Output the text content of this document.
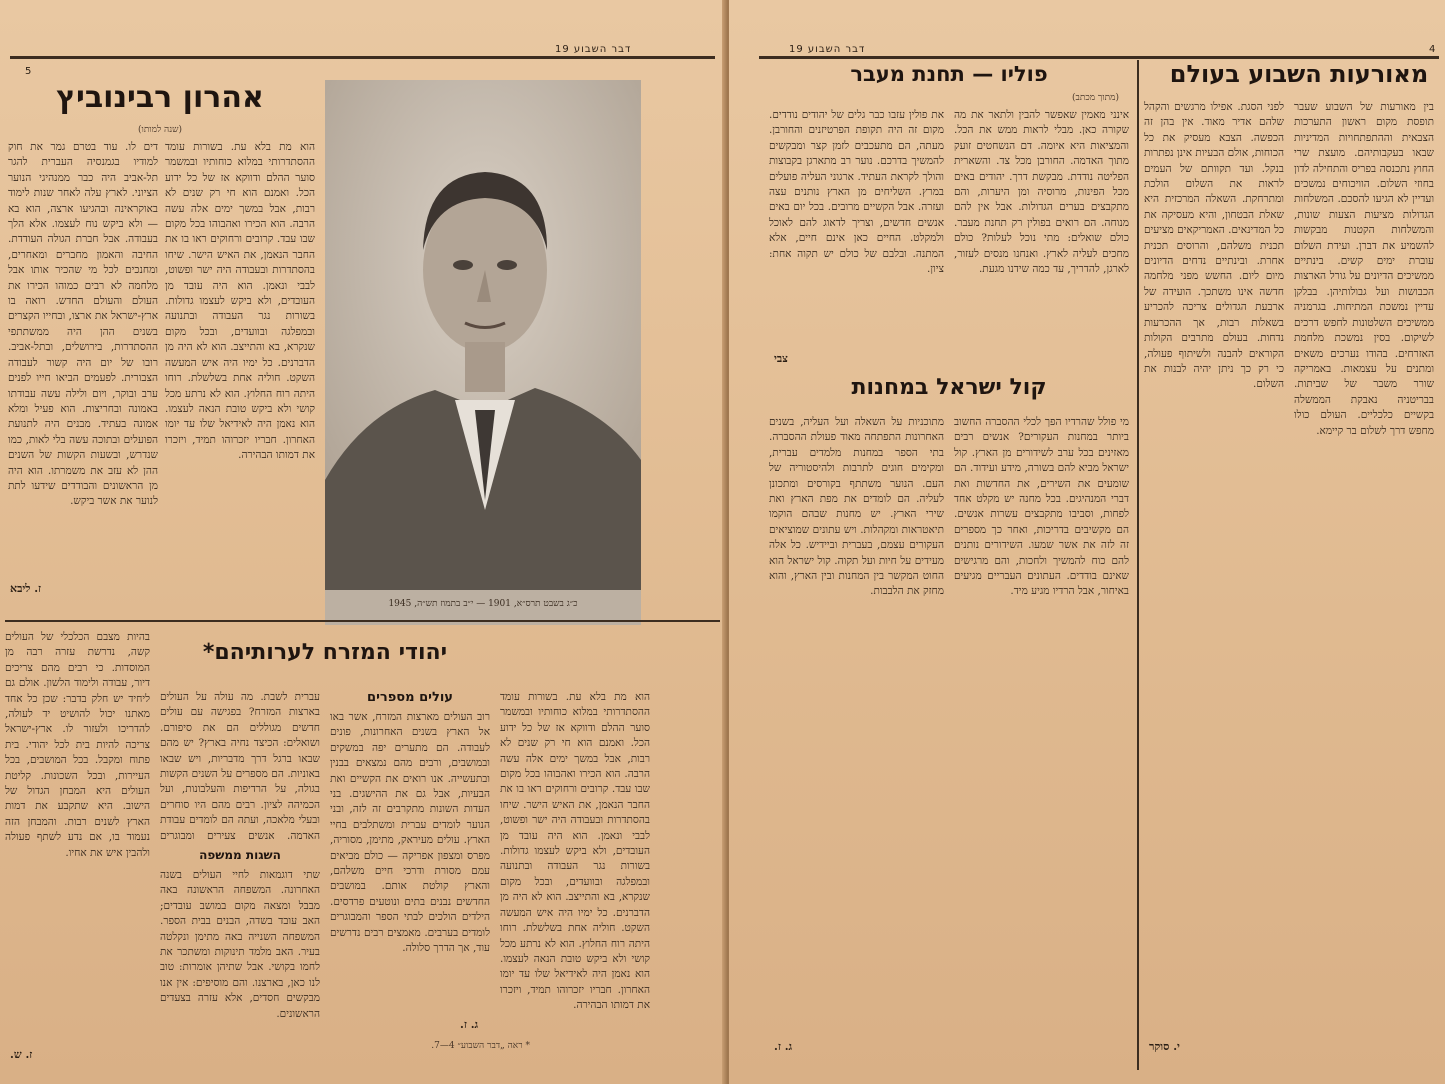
דבר השבוע 19
5
אהרון רבינוביץ
(שנה למותו)
דים לו. עוד בטרם גמר את חוק למודיו בגמנסיה העברית להגר תל-אביב היה כבר ממנהיגי הנוער הציוני. לארץ עלה לאחר שנות לימוד באוקראינה ובהגיעו ארצה, הוא בא — ולא ביקש נוח לעצמו. אלא הלך בעבודה. אבל חברת הגולה העודדת. החיבה והאמון מחברים ומאחרים, ומחנכים לכל מי שהכיר אותו אבל מלחמה לא רבים כמוהו הכירו את העולם והעולם החדש. רואה בו ארץ-ישראל את ארצו, ובחייו הקצרים בשנים ההן היה ממשתתפי ההסתדרות, בירושלים, ובתל-אביב. רובו של יום היה קשור לעבודה הצבורית. לפעמים הביאו חייו לפנים ערב ובוקר, ויום ולילה עשה עבודתו באמונה ובחריצות. הוא פעיל ומלא אמונה בעתיד. מבנים היה לתנועת הפועלים ובתוכה עשה בלי לאות, כמו שנדרש, ובשעות הקשות של השנים ההן לא עזב את משמרתו. הוא היה מן הראשונים והבודדים שידעו לתת לנוער את אשר ביקש.
ז. ליבא
הוא מת בלא עת. בשורות עומד ההסתדרותי במלוא כוחותיו ובמשמר סוער ההלם ודווקא אז של כל ידוע הכל. ואמנם הוא חי רק שנים לא רבות, אבל במשך ימים אלה עשה הרבה. הוא הכירו ואהבוהו בכל מקום שבו עבד. קרובים ורחוקים ראו בו את החבר הנאמן, את האיש הישר. שיחו בהסתדרות ובעבודה היה ישר ופשוט, לבבי ונאמן. הוא היה עובד מן העובדים, ולא ביקש לעצמו גדולות. בשורות נגר העבודה ובתנועה ובמפלגה ובוועדים, ובכל מקום שנקרא, בא והתייצב. הוא לא היה מן הדברנים. כל ימיו היה איש המעשה השקט. חוליה אחת בשלשלת. רוחו היתה רוח החלוץ. הוא לא נרתע מכל קושי ולא ביקש טובת הנאה לעצמו. הוא נאמן היה לאידיאל שלו עד יומו האחרון. חבריו יזכרוהו תמיד, ויזכרו את דמותו הבהירה.
כ״ג בשבט תרס״א, 1901 — י״ב בתמוז תש״ה, 1945
יהודי המזרח לערותיהם*
בהיות מצבם הכלכלי של העולים קשה, נדרשת עזרה רבה מן המוסדות. כי רבים מהם צריכים דיור, עבודה ולימוד הלשון. אולם גם ליחיד יש חלק בדבר: שכן כל אחד מאתנו יכול להושיט יד לעולה, להדריכו ולעזור לו. ארץ-ישראל צריכה להיות בית לכל יהודי. בית פתוח ומקבל. בכל המושבים, בכל העיירות, ובכל השכונות. קליטת העולים היא המבחן הגדול של הישוב. היא שתקבע את דמות הארץ לשנים רבות. והמבחן הזה נעמוד בו, אם נדע לשתף פעולה ולהבין איש את אחיו.
ז. ש.
עברית לשבת. מה עולה על העולים בארצות המזרח? בפגישה עם עולים חדשים מגוללים הם את סיפורם. ושואלים: הכיצד נחיה בארץ? יש מהם שבאו ברגל דרך מדבריות, ויש שבאו באוניות. הם מספרים על השנים הקשות בגולה, על הרדיפות והעלבונות, ועל הכמיהה לציון. רבים מהם היו סוחרים ובעלי מלאכה, ועתה הם לומדים עבודת האדמה. אנשים צעירים ומבוגרים
השגות ממשפה
שתי דוגמאות לחיי העולים בשנה האחרונה. המשפחה הראשונה באה מבבל ומצאה מקום במושב עובדים; האב עובד בשדה, הבנים בבית הספר. המשפחה השנייה באה מתימן ונקלטה בעיר. האב מלמד תינוקות ומשתכר את לחמו בקושי. אבל שתיהן אומרות: טוב לנו כאן, בארצנו. והם מוסיפים: אין אנו מבקשים חסדים, אלא עזרה בצעדים הראשונים.
עולים מספרים
רוב העולים מארצות המזרח, אשר באו אל הארץ בשנים האחרונות, פונים לעבודה. הם מתערים יפה במשקים ובמושבים, ורבים מהם נמצאים בבנין ובתעשייה. אנו רואים את הקשיים ואת הבעיות, אבל גם את ההישגים. בני העדות השונות מתקרבים זה לזה, ובני הנוער לומדים עברית ומשתלבים בחיי הארץ. עולים מעיראק, מתימן, מסוריה, מפרס ומצפון אפריקה — כולם מביאים עמם מסורת ודרכי חיים משלהם, והארץ קולטת אותם. במושבים החדשים נבנים בתים ונוטעים פרדסים. הילדים הולכים לבתי הספר והמבוגרים לומדים בערבים. מאמצים רבים נדרשים עוד, אך הדרך סלולה.
ג. ז.
* ראה „דבר השבוע״ 4—7.
הוא מת בלא עת. בשורות עומד ההסתדרותי במלוא כוחותיו ובמשמר סוער ההלם ודווקא אז של כל ידוע הכל. ואמנם הוא חי רק שנים לא רבות, אבל במשך ימים אלה עשה הרבה. הוא הכירו ואהבוהו בכל מקום שבו עבד. קרובים ורחוקים ראו בו את החבר הנאמן, את האיש הישר. שיחו בהסתדרות ובעבודה היה ישר ופשוט, לבבי ונאמן. הוא היה עובד מן העובדים, ולא ביקש לעצמו גדולות. בשורות נגר העבודה ובתנועה ובמפלגה ובוועדים, ובכל מקום שנקרא, בא והתייצב. הוא לא היה מן הדברנים. כל ימיו היה איש המעשה השקט. חוליה אחת בשלשלת. רוחו היתה רוח החלוץ. הוא לא נרתע מכל קושי ולא ביקש טובת הנאה לעצמו. הוא נאמן היה לאידיאל שלו עד יומו האחרון. חבריו יזכרוהו תמיד, ויזכרו את דמותו הבהירה.
דבר השבוע 19	4
מאורעות השבוע בעולם
בין מאורעות של השבוע שעבר תופסת מקום ראשון התערכות הצבאית וההתפתחויות המדיניות שבאו בעקבותיהם. מועצת שרי החוץ נתכנסה בפריס והתחילה לדון בחוזי השלום. הוויכוחים נמשכים ועדיין לא הגיעו להסכם. המשלחות הגדולות מציעות הצעות שונות, והמשלחות הקטנות מבקשות להשמיע את דברן. ועידת השלום עוברת ימים קשים. בינתיים ממשיכים הדיונים על גורל הארצות הכבושות ועל גבולותיהן. בבלקן עדיין נמשכת המתיחות. בגרמניה ממשיכים השלטונות לחפש דרכים לשיקום. בסין נמשכת מלחמת האזרחים. בהודו נערכים משאים ומתנים על עצמאות. באמריקה שורר משבר של שביתות. בבריטניה נאבקת הממשלה בקשיים כלכליים. העולם כולו מחפש דרך לשלום בר קיימא.
לפני הסגת. אפילו מרגשים והקהל שלהם אדיר מאוד. אין בהן זה הכפשה. הצבא מעסיק את כל הכוחות, אולם הבעיות אינן נפתרות בנקל. ועד תקוותם של העמים לראות את השלום הולכת ומתרחקת. השאלה המרכזית היא שאלת הבטחון, והיא מעסיקה את כל המדינאים. האמריקאים מציעים תכנית משלהם, והרוסים תכנית אחרת. ובינתיים נדחים הדיונים מיום ליום. החשש מפני מלחמה חדשה אינו משתכך. הועידה של ארבעת הגדולים צריכה להכריע בשאלות רבות, אך ההכרעות נדחות. בעולם מתרבים הקולות הקוראים להבנה ולשיתוף פעולה, כי רק כך ניתן יהיה לבנות את השלום.
י. סוקר
פוליו — תחנת מעבר
(מתוך מכתב)
אינני מאמין שאפשר להבין ולתאר את מה שקורה כאן. מבלי לראות ממש את הכל. והמציאות היא איומה. דם הנשחטים זועק מתוך האדמה. החורבן מכל צד. והשארית הפליטה נודדת. מבקשת דרך. יהודים באים מכל הפינות, מרוסיה ומן היערות, והם מתקבצים בערים הגדולות. אבל אין להם מנוחה. הם רואים בפולין רק תחנת מעבר. כולם שואלים: מתי נוכל לעלות? כולם מחכים לעליה לארץ. ואנחנו מנסים לעזור, לארגן, להדריך, עד כמה שידנו מגעת.
את פולין עזבו כבר גלים של יהודים נודדים. מקום זה היה תקופת הפרטיזנים והחורבן. מעתה, הם מתעכבים לזמן קצר ומבקשים להמשיך בדרכם. נוער רב מתארגן בקבוצות והולך לקראת העתיד. ארגוני העליה פועלים במרץ. השליחים מן הארץ נותנים עצה ועזרה. אבל הקשיים מרובים. בכל יום באים אנשים חדשים, וצריך לדאוג להם לאוכל ולמקלט. החיים כאן אינם חיים, אלא המתנה. ובלבם של כולם יש תקוה אחת: ציון.
צבי
קול ישראל במחנות
מי פולל שהרדיו הפך לכלי ההסברה החשוב ביותר במחנות העקורים? אנשים רבים מאזינים בכל ערב לשידורים מן הארץ. קול ישראל מביא להם בשורה, מידע ועידוד. הם שומעים את השירים, את החדשות ואת דברי המנהיגים. בכל מחנה יש מקלט אחד לפחות, וסביבו מתקבצים עשרות אנשים. הם מקשיבים בדריכות, ואחר כך מספרים זה לזה את אשר שמעו. השידורים נותנים להם כוח להמשיך ולחכות, והם מרגישים שאינם בודדים. העתונים העבריים מגיעים באיחור, אבל הרדיו מגיע מיד.
מתוכניות על השאלה ועל העליה, בשנים האחרונות התפתחה מאוד פעולת ההסברה. בתי הספר במחנות מלמדים עברית, ומקימים חוגים לתרבות ולהיסטוריה של העם. הנוער משתתף בקורסים ומתכונן לעליה. הם לומדים את מפת הארץ ואת שירי הארץ. יש מחנות שבהם הוקמו תיאטראות ומקהלות. ויש עתונים שמוציאים העקורים עצמם, בעברית וביידיש. כל אלה מעידים על חיות ועל תקוה. קול ישראל הוא החוט המקשר בין המחנות ובין הארץ, והוא מחזק את הלבבות.
ג. ז.
